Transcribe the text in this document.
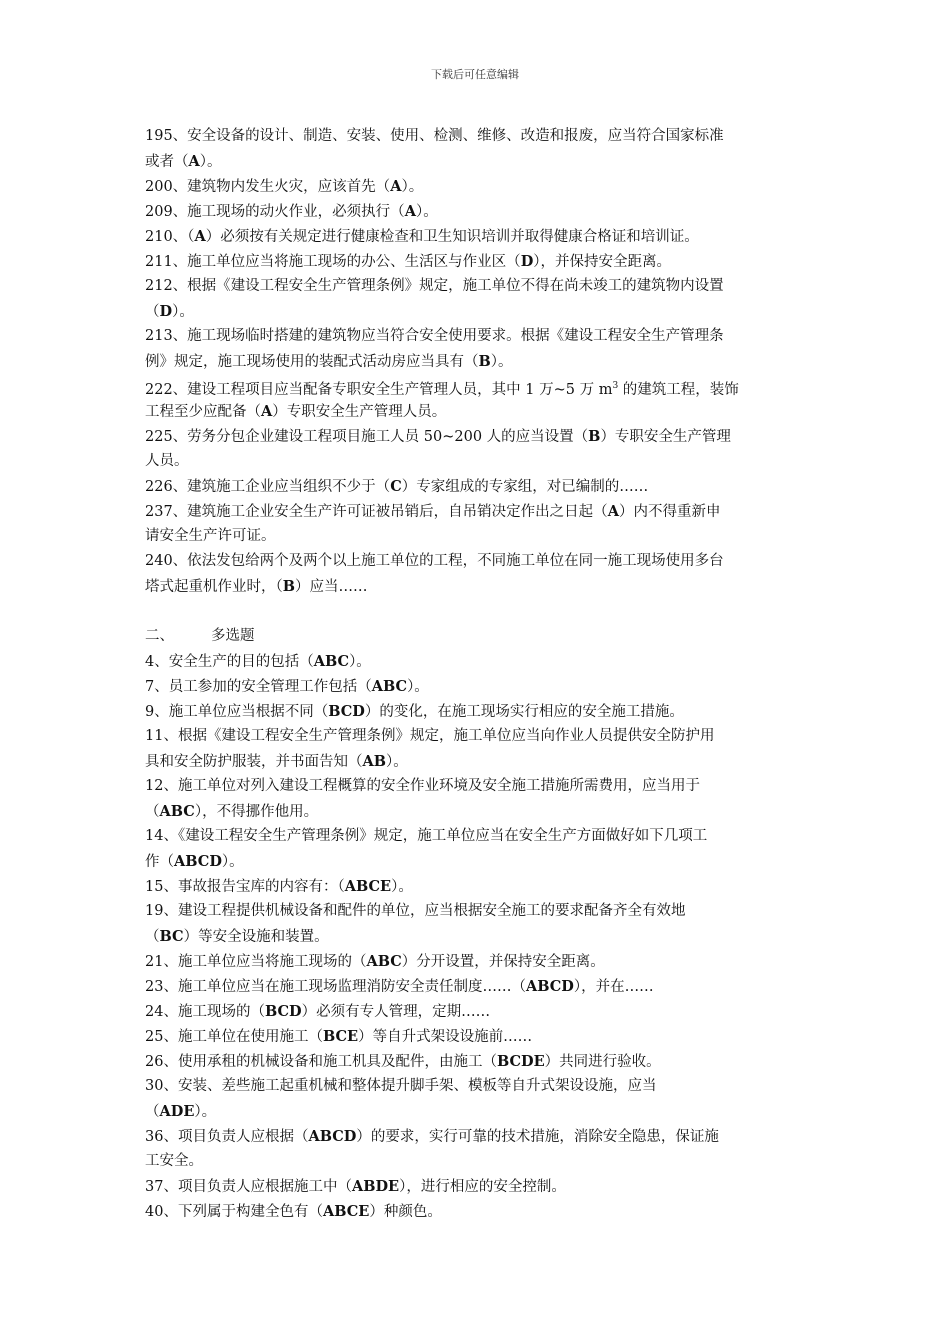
下载后可任意编辑
195、安全设备的设计、制造、安装、使用、检测、维修、改造和报废，应当符合国家标准
或者（A）。
200、建筑物内发生火灾，应该首先（A）。
209、施工现场的动火作业，必须执行（A）。
210、（A）必须按有关规定进行健康检查和卫生知识培训并取得健康合格证和培训证。
211、施工单位应当将施工现场的办公、生活区与作业区（D），并保持安全距离。
212、根据《建设工程安全生产管理条例》规定，施工单位不得在尚未竣工的建筑物内设置
（D）。
213、施工现场临时搭建的建筑物应当符合安全使用要求。根据《建设工程安全生产管理条
例》规定，施工现场使用的装配式活动房应当具有（B）。
222、建设工程项目应当配备专职安全生产管理人员，其中 1 万~5 万 $m^3$ 的建筑工程，装饰
工程至少应配备（A）专职安全生产管理人员。
225、劳务分包企业建设工程项目施工人员 50~200 人的应当设置（B）专职安全生产管理
人员。
226、建筑施工企业应当组织不少于（C）专家组成的专家组，对已编制的……
237、建筑施工企业安全生产许可证被吊销后，自吊销决定作出之日起（A）内不得重新申
请安全生产许可证。
240、依法发包给两个及两个以上施工单位的工程，不同施工单位在同一施工现场使用多台
塔式起重机作业时，（B）应当……
二、	多选题
4、安全生产的目的包括（ABC）。
7、员工参加的安全管理工作包括（ABC）。
9、施工单位应当根据不同（BCD）的变化，在施工现场实行相应的安全施工措施。
11、根据《建设工程安全生产管理条例》规定，施工单位应当向作业人员提供安全防护用
具和安全防护服装，并书面告知（AB）。
12、施工单位对列入建设工程概算的安全作业环境及安全施工措施所需费用，应当用于
（ABC），不得挪作他用。
14、《建设工程安全生产管理条例》规定，施工单位应当在安全生产方面做好如下几项工
作（ABCD）。
15、事故报告宝库的内容有：（ABCE）。
19、建设工程提供机械设备和配件的单位，应当根据安全施工的要求配备齐全有效地
（BC）等安全设施和装置。
21、施工单位应当将施工现场的（ABC）分开设置，并保持安全距离。
23、施工单位应当在施工现场监理消防安全责任制度……（ABCD），并在……
24、施工现场的（BCD）必须有专人管理，定期……
25、施工单位在使用施工（BCE）等自升式架设设施前……
26、使用承租的机械设备和施工机具及配件，由施工（BCDE）共同进行验收。
30、安装、差些施工起重机械和整体提升脚手架、模板等自升式架设设施，应当
（ADE）。
36、项目负责人应根据（ABCD）的要求，实行可靠的技术措施，消除安全隐患，保证施
工安全。
37、项目负责人应根据施工中（ABDE），进行相应的安全控制。
40、下列属于构建全色有（ABCE）种颜色。
